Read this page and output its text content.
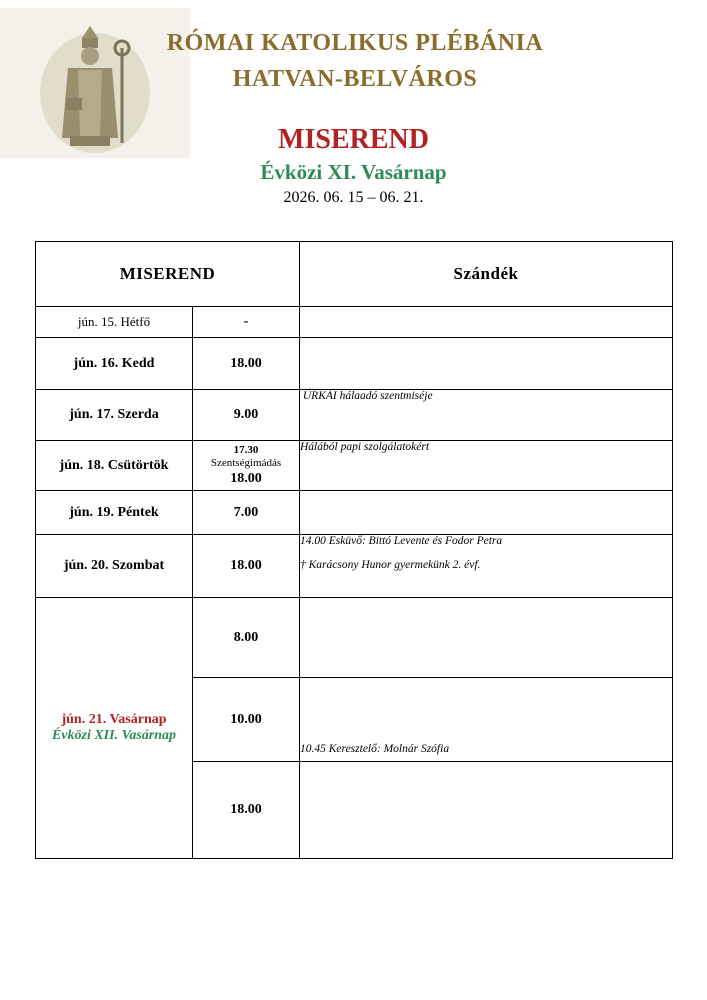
RÓMAI KATOLIKUS PLÉBÁNIA
HATVAN-BELVÁROS
MISEREND
Évközi XI. Vasárnap
2026. 06. 15 – 06. 21.
MISEREND		Szándék
jún. 15. Hétfő	-	
jún. 16. Kedd	18.00	
jún. 17. Szerda	9.00	ÚRKÁI hálaadó szentmiséje
jún. 18. Csütörtök	17.30
Szentségimádás
18.00	Hálából papi szolgálatokért
jún. 19. Péntek	7.00	
jún. 20. Szombat	18.00	14.00 Esküvő: Bittó Levente és Fodor Petra
† Karácsony Hunor gyermekünk 2. évf.

jún. 21. Vasárnap
Évközi XII. Vasárnap	8.00	
	10.00	10.45 Keresztelő: Molnár Szófia
	18.00	
